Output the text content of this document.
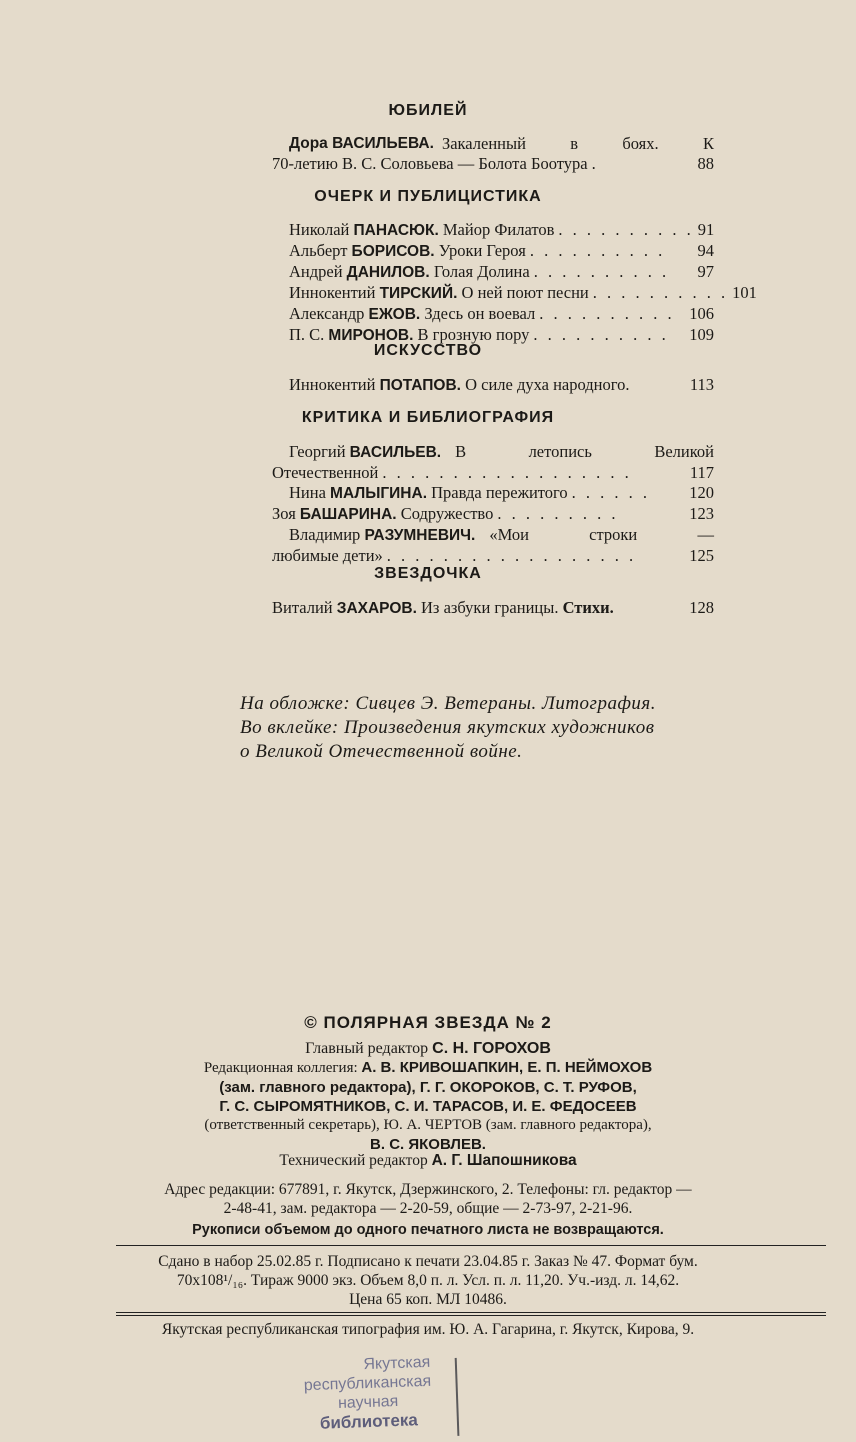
ЮБИЛЕЙ
Дора ВАСИЛЬЕВА. Закаленный в боях. К
70-летию В. С. Соловьева — Болота Боотура .	88
ОЧЕРК И ПУБЛИЦИСТИКА
Николай ПАНАСЮК. Майор Филатов . . . . . . . . . . 91
Альберт БОРИСОВ. Уроки Героя . . . . . . . . . .	94
Андрей ДАНИЛОВ. Голая Долина . . . . . . . . . .	97
Иннокентий ТИРСКИЙ. О ней поют песни . . . . . . . . . . 101
Александр ЕЖОВ. Здесь он воевал . . . . . . . . . . 106
П. С. МИРОНОВ. В грозную пору . . . . . . . . . .	109
ИСКУССТВО
Иннокентий ПОТАПОВ. О силе духа народного.	113
КРИТИКА И БИБЛИОГРАФИЯ
Георгий ВАСИЛЬЕВ. В летопись Великой
Отечественной . . . . . . . . . . . . . . . . . .	117
Нина МАЛЫГИНА. Правда пережитого . . . . . .	120
Зоя БАШАРИНА. Содружество . . . . . . . . .	123
Владимир РАЗУМНЕВИЧ. «Мои строки —
любимые дети» . . . . . . . . . . . . . . . . . .	125
ЗВЕЗДОЧКА
Виталий ЗАХАРОВ. Из азбуки границы. Стихи.	128
На обложке: Сивцев Э. Ветераны. Литография.
Во вклейке: Произведения якутских художников
о Великой Отечественной войне.
© ПОЛЯРНАЯ ЗВЕЗДА № 2
Главный редактор С. Н. ГОРОХОВ
Редакционная коллегия: А. В. КРИВОШАПКИН, Е. П. НЕЙМОХОВ
(зам. главного редактора), Г. Г. ОКОРОКОВ, С. Т. РУФОВ,
Г. С. СЫРОМЯТНИКОВ, С. И. ТАРАСОВ, И. Е. ФЕДОСЕЕВ
(ответственный секретарь), Ю. А. ЧЕРТОВ (зам. главного редактора),
В. С. ЯКОВЛЕВ.
Технический редактор А. Г. Шапошникова
Адрес редакции: 677891, г. Якутск, Дзержинского, 2. Телефоны: гл. редактор —
2-48-41, зам. редактора — 2-20-59, общие — 2-73-97, 2-21-96.
Рукописи объемом до одного печатного листа не возвращаются.
Сдано в набор 25.02.85 г. Подписано к печати 23.04.85 г. Заказ № 47. Формат бум.
70x108¹/₁₆. Тираж 9000 экз. Объем 8,0 п. л. Усл. п. л. 11,20. Уч.-изд. л. 14,62.
Цена 65 коп. МЛ 10486.
Якутская республиканская типография им. Ю. А. Гагарина, г. Якутск, Кирова, 9.
Якутская
республиканская
научная
библиотека
